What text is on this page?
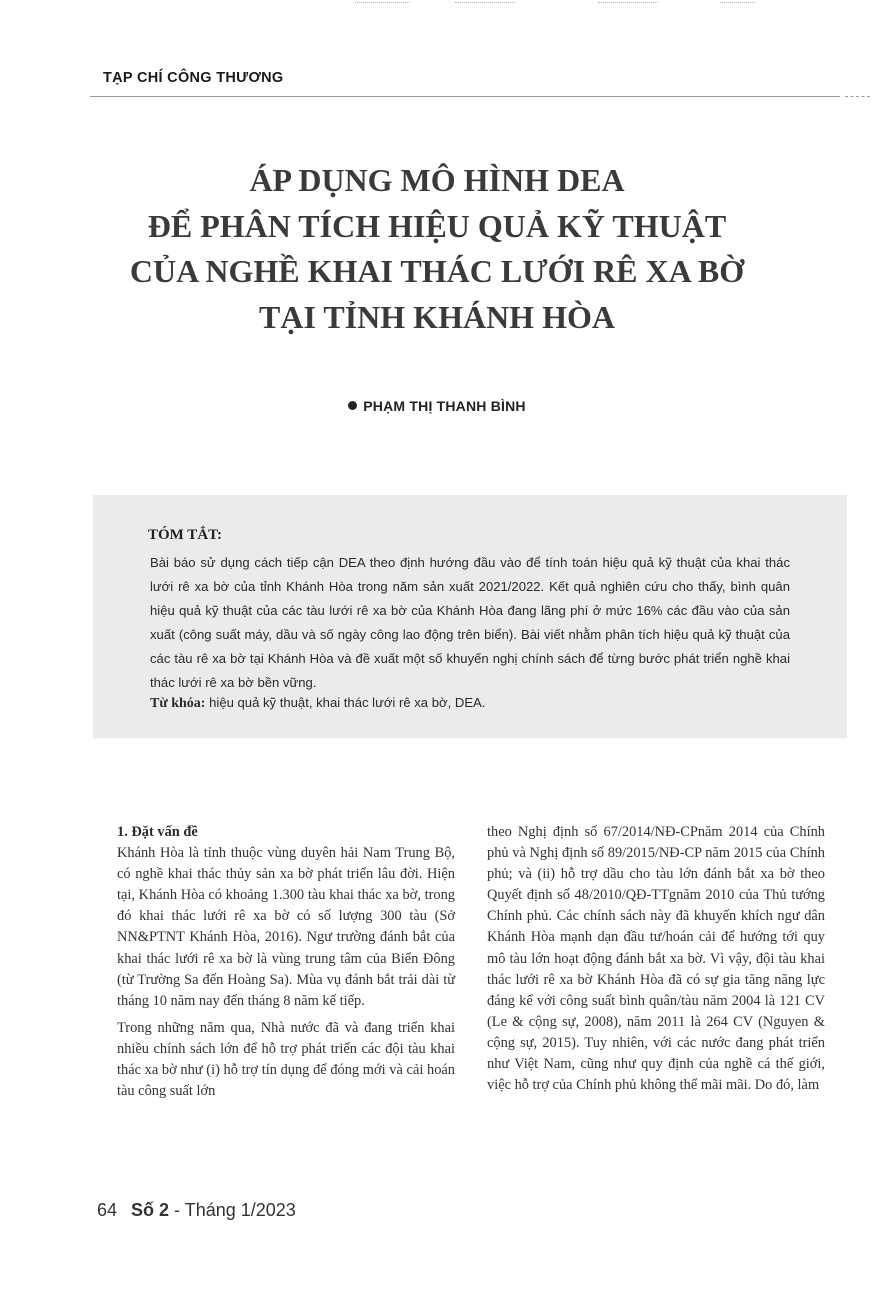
TẠP CHÍ CÔNG THƯƠNG
ÁP DỤNG MÔ HÌNH DEA
ĐỂ PHÂN TÍCH HIỆU QUẢ KỸ THUẬT
CỦA NGHỀ KHAI THÁC LƯỚI RÊ XA BỜ
TẠI TỈNH KHÁNH HÒA
PHẠM THỊ THANH BÌNH
TÓM TẮT:
Bài báo sử dụng cách tiếp cận DEA theo định hướng đầu vào để tính toán hiệu quả kỹ thuật của khai thác lưới rê xa bờ của tỉnh Khánh Hòa trong năm sản xuất 2021/2022. Kết quả nghiên cứu cho thấy, bình quân hiệu quả kỹ thuật của các tàu lưới rê xa bờ của Khánh Hòa đang lãng phí ở mức 16% các đầu vào của sản xuất (công suất máy, dầu và số ngày công lao động trên biển). Bài viết nhằm phân tích hiệu quả kỹ thuật của các tàu rê xa bờ tại Khánh Hòa và đề xuất một số khuyến nghị chính sách để từng bước phát triển nghề khai thác lưới rê xa bờ bền vững.
Từ khóa: hiệu quả kỹ thuật, khai thác lưới rê xa bờ, DEA.

1. Đặt vấn đề

Khánh Hòa là tỉnh thuộc vùng duyên hải Nam Trung Bộ, có nghề khai thác thủy sản xa bờ phát triển lâu đời. Hiện tại, Khánh Hòa có khoảng 1.300 tàu khai thác xa bờ, trong đó khai thác lưới rê xa bờ có số lượng 300 tàu (Sở NN&PTNT Khánh Hòa, 2016). Ngư trường đánh bắt của khai thác lưới rê xa bờ là vùng trung tâm của Biển Đông (từ Trường Sa đến Hoàng Sa). Mùa vụ đánh bắt trải dài từ tháng 10 năm nay đến tháng 8 năm kế tiếp.

Trong những năm qua, Nhà nước đã và đang triển khai nhiều chính sách lớn để hỗ trợ phát triển các đội tàu khai thác xa bờ như (i) hỗ trợ tín dụng để đóng mới và cải hoán tàu công suất lớn

theo Nghị định số 67/2014/NĐ-CPnăm 2014 của Chính phủ và Nghị định số 89/2015/NĐ-CP năm 2015 của Chính phủ; và (ii) hỗ trợ dầu cho tàu lớn đánh bắt xa bờ theo Quyết định số 48/2010/QĐ-TTgnăm 2010 của Thủ tướng Chính phủ. Các chính sách này đã khuyến khích ngư dân Khánh Hòa mạnh dạn đầu tư/hoán cải để hướng tới quy mô tàu lớn hoạt động đánh bắt xa bờ. Vì vậy, đội tàu khai thác lưới rê xa bờ Khánh Hòa đã có sự gia tăng năng lực đáng kể với công suất bình quân/tàu năm 2004 là 121 CV (Le & cộng sự, 2008), năm 2011 là 264 CV (Nguyen & cộng sự, 2015). Tuy nhiên, với các nước đang phát triển như Việt Nam, cũng như quy định của nghề cá thế giới, việc hỗ trợ của Chính phủ không thể mãi mãi. Do đó, làm

64 Số 2 - Tháng 1/2023
